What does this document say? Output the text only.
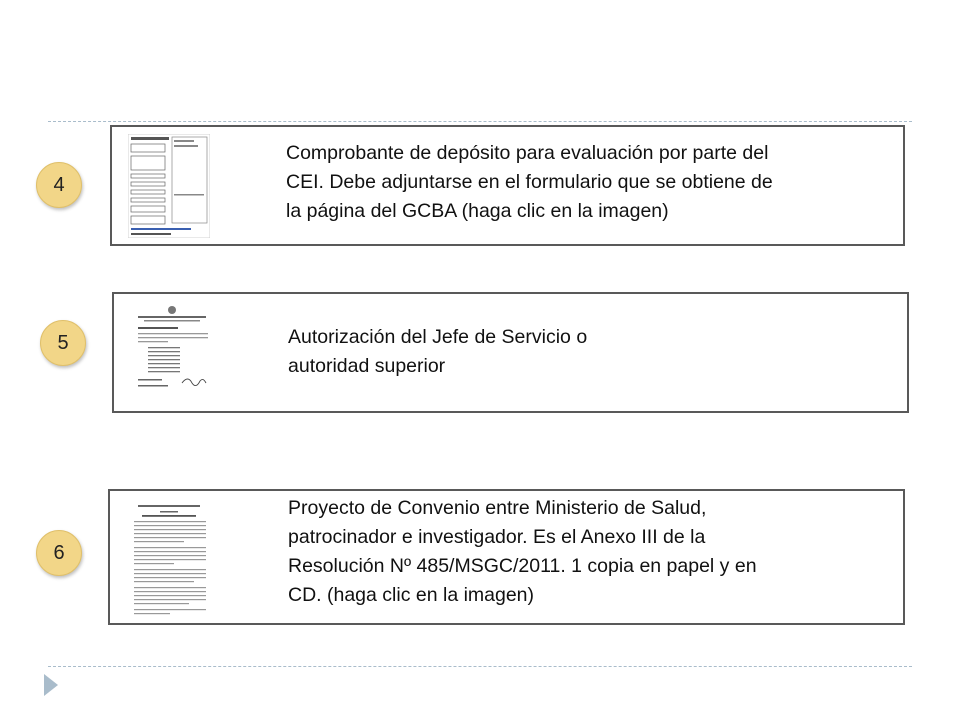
4
Comprobante de depósito para evaluación por parte del
CEI. Debe adjuntarse en el formulario que se obtiene de
la página del GCBA (haga clic en la imagen)
5	Autorización del Jefe de Servicio o
autoridad superior
6
Proyecto de Convenio entre Ministerio de Salud,
patrocinador e investigador. Es el Anexo III de la
Resolución Nº 485/MSGC/2011. 1 copia en papel y en
CD. (haga clic en la imagen)
